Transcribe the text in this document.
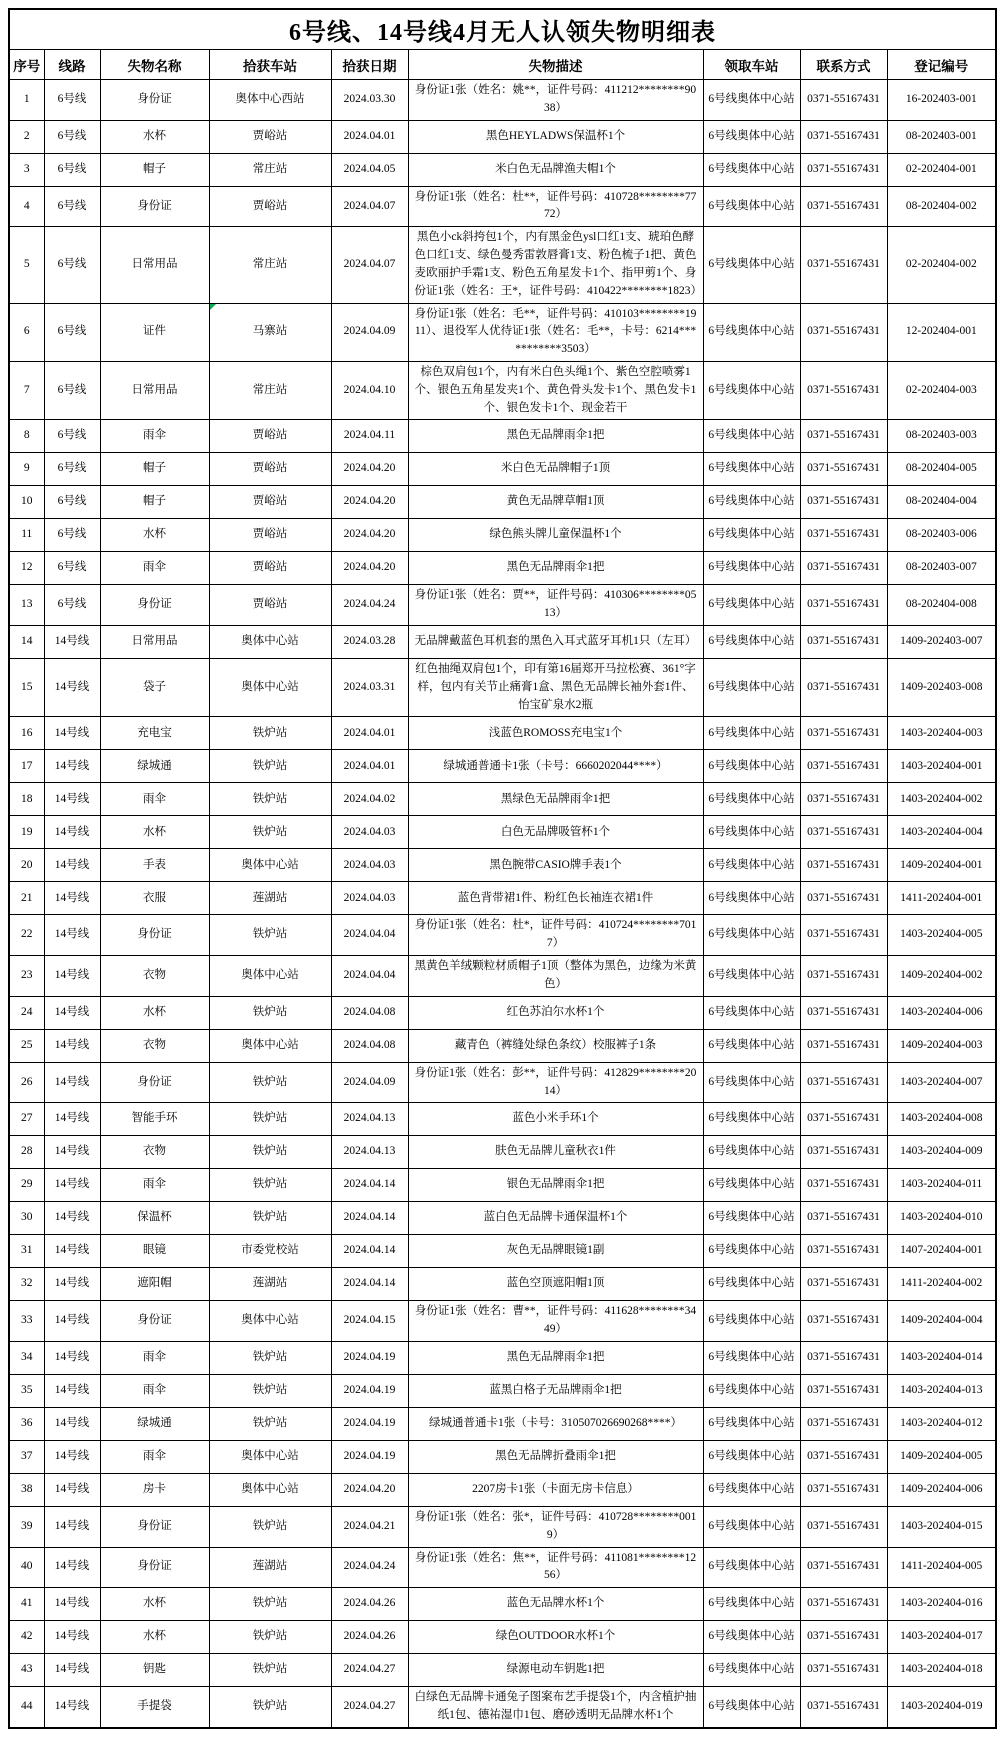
6号线、14号线4月无人认领失物明细表								
序号	线路	失物名称	拾获车站	拾获日期	失物描述	领取车站	联系方式	登记编号
1	6号线	身份证	奥体中心西站	2024.03.30	身份证1张（姓名：姚**，证件号码：411212********9038）	6号线奥体中心站	0371-55167431	16-202403-001
2	6号线	水杯	贾峪站	2024.04.01	黑色HEYLADWS保温杯1个	6号线奥体中心站	0371-55167431	08-202403-001
3	6号线	帽子	常庄站	2024.04.05	米白色无品牌渔夫帽1个	6号线奥体中心站	0371-55167431	02-202404-001
4	6号线	身份证	贾峪站	2024.04.07	身份证1张（姓名：杜**，证件号码：410728********7772）	6号线奥体中心站	0371-55167431	08-202404-002
5	6号线	日常用品	常庄站	2024.04.07	黑色小ck斜挎包1个，内有黑金色ysl口红1支、琥珀色酵色口红1支、绿色曼秀雷敦唇膏1支、粉色梳子1把、黄色麦欧丽护手霜1支、粉色五角星发卡1个、指甲剪1个、身份证1张（姓名：王*，证件号码：410422********1823）	6号线奥体中心站	0371-55167431	02-202404-002
6	6号线	证件	马寨站	2024.04.09	身份证1张（姓名：毛**，证件号码：410103********1911）、退役军人优待证1张（姓名：毛**，卡号：6214***********3503）	6号线奥体中心站	0371-55167431	12-202404-001
7	6号线	日常用品	常庄站	2024.04.10	棕色双肩包1个，内有米白色头绳1个、紫色空腔喷雾1个、银色五角星发夹1个、黄色骨头发卡1个、黑色发卡1个、银色发卡1个、现金若干	6号线奥体中心站	0371-55167431	02-202404-003
8	6号线	雨伞	贾峪站	2024.04.11	黑色无品牌雨伞1把	6号线奥体中心站	0371-55167431	08-202403-003
9	6号线	帽子	贾峪站	2024.04.20	米白色无品牌帽子1顶	6号线奥体中心站	0371-55167431	08-202404-005
10	6号线	帽子	贾峪站	2024.04.20	黄色无品牌草帽1顶	6号线奥体中心站	0371-55167431	08-202404-004
11	6号线	水杯	贾峪站	2024.04.20	绿色熊头牌儿童保温杯1个	6号线奥体中心站	0371-55167431	08-202403-006
12	6号线	雨伞	贾峪站	2024.04.20	黑色无品牌雨伞1把	6号线奥体中心站	0371-55167431	08-202403-007
13	6号线	身份证	贾峪站	2024.04.24	身份证1张（姓名：贾**，证件号码：410306********0513）	6号线奥体中心站	0371-55167431	08-202404-008
14	14号线	日常用品	奥体中心站	2024.03.28	无品牌戴蓝色耳机套的黑色入耳式蓝牙耳机1只（左耳）	6号线奥体中心站	0371-55167431	1409-202403-007
15	14号线	袋子	奥体中心站	2024.03.31	红色抽绳双肩包1个，印有第16届郑开马拉松赛、361°字样，包内有关节止痛膏1盒、黑色无品牌长袖外套1件、怡宝矿泉水2瓶	6号线奥体中心站	0371-55167431	1409-202403-008
16	14号线	充电宝	铁炉站	2024.04.01	浅蓝色ROMOSS充电宝1个	6号线奥体中心站	0371-55167431	1403-202404-003
17	14号线	绿城通	铁炉站	2024.04.01	绿城通普通卡1张（卡号：6660202044****）	6号线奥体中心站	0371-55167431	1403-202404-001
18	14号线	雨伞	铁炉站	2024.04.02	黑绿色无品牌雨伞1把	6号线奥体中心站	0371-55167431	1403-202404-002
19	14号线	水杯	铁炉站	2024.04.03	白色无品牌吸管杯1个	6号线奥体中心站	0371-55167431	1403-202404-004
20	14号线	手表	奥体中心站	2024.04.03	黑色腕带CASIO牌手表1个	6号线奥体中心站	0371-55167431	1409-202404-001
21	14号线	衣服	莲湖站	2024.04.03	蓝色背带裙1件、粉红色长袖连衣裙1件	6号线奥体中心站	0371-55167431	1411-202404-001
22	14号线	身份证	铁炉站	2024.04.04	身份证1张（姓名：杜*，证件号码：410724********7017）	6号线奥体中心站	0371-55167431	1403-202404-005
23	14号线	衣物	奥体中心站	2024.04.04	黑黄色羊绒颗粒材质帽子1顶（整体为黑色，边缘为米黄色）	6号线奥体中心站	0371-55167431	1409-202404-002
24	14号线	水杯	铁炉站	2024.04.08	红色苏泊尔水杯1个	6号线奥体中心站	0371-55167431	1403-202404-006
25	14号线	衣物	奥体中心站	2024.04.08	藏青色（裤缝处绿色条纹）校服裤子1条	6号线奥体中心站	0371-55167431	1409-202404-003
26	14号线	身份证	铁炉站	2024.04.09	身份证1张（姓名：彭**，证件号码：412829********2014）	6号线奥体中心站	0371-55167431	1403-202404-007
27	14号线	智能手环	铁炉站	2024.04.13	蓝色小米手环1个	6号线奥体中心站	0371-55167431	1403-202404-008
28	14号线	衣物	铁炉站	2024.04.13	肤色无品牌儿童秋衣1件	6号线奥体中心站	0371-55167431	1403-202404-009
29	14号线	雨伞	铁炉站	2024.04.14	银色无品牌雨伞1把	6号线奥体中心站	0371-55167431	1403-202404-011
30	14号线	保温杯	铁炉站	2024.04.14	蓝白色无品牌卡通保温杯1个	6号线奥体中心站	0371-55167431	1403-202404-010
31	14号线	眼镜	市委党校站	2024.04.14	灰色无品牌眼镜1副	6号线奥体中心站	0371-55167431	1407-202404-001
32	14号线	遮阳帽	莲湖站	2024.04.14	蓝色空顶遮阳帽1顶	6号线奥体中心站	0371-55167431	1411-202404-002
33	14号线	身份证	奥体中心站	2024.04.15	身份证1张（姓名：曹**，证件号码：411628********3449）	6号线奥体中心站	0371-55167431	1409-202404-004
34	14号线	雨伞	铁炉站	2024.04.19	黑色无品牌雨伞1把	6号线奥体中心站	0371-55167431	1403-202404-014
35	14号线	雨伞	铁炉站	2024.04.19	蓝黑白格子无品牌雨伞1把	6号线奥体中心站	0371-55167431	1403-202404-013
36	14号线	绿城通	铁炉站	2024.04.19	绿城通普通卡1张（卡号：310507026690268****）	6号线奥体中心站	0371-55167431	1403-202404-012
37	14号线	雨伞	奥体中心站	2024.04.19	黑色无品牌折叠雨伞1把	6号线奥体中心站	0371-55167431	1409-202404-005
38	14号线	房卡	奥体中心站	2024.04.20	2207房卡1张（卡面无房卡信息）	6号线奥体中心站	0371-55167431	1409-202404-006
39	14号线	身份证	铁炉站	2024.04.21	身份证1张（姓名：张*，证件号码：410728********0019）	6号线奥体中心站	0371-55167431	1403-202404-015
40	14号线	身份证	莲湖站	2024.04.24	身份证1张（姓名：焦**，证件号码：411081********1256）	6号线奥体中心站	0371-55167431	1411-202404-005
41	14号线	水杯	铁炉站	2024.04.26	蓝色无品牌水杯1个	6号线奥体中心站	0371-55167431	1403-202404-016
42	14号线	水杯	铁炉站	2024.04.26	绿色OUTDOOR水杯1个	6号线奥体中心站	0371-55167431	1403-202404-017
43	14号线	钥匙	铁炉站	2024.04.27	绿源电动车钥匙1把	6号线奥体中心站	0371-55167431	1403-202404-018
44	14号线	手提袋	铁炉站	2024.04.27	白绿色无品牌卡通兔子图案布艺手提袋1个，内含植护抽纸1包、德祐湿巾1包、磨砂透明无品牌水杯1个	6号线奥体中心站	0371-55167431	1403-202404-019
